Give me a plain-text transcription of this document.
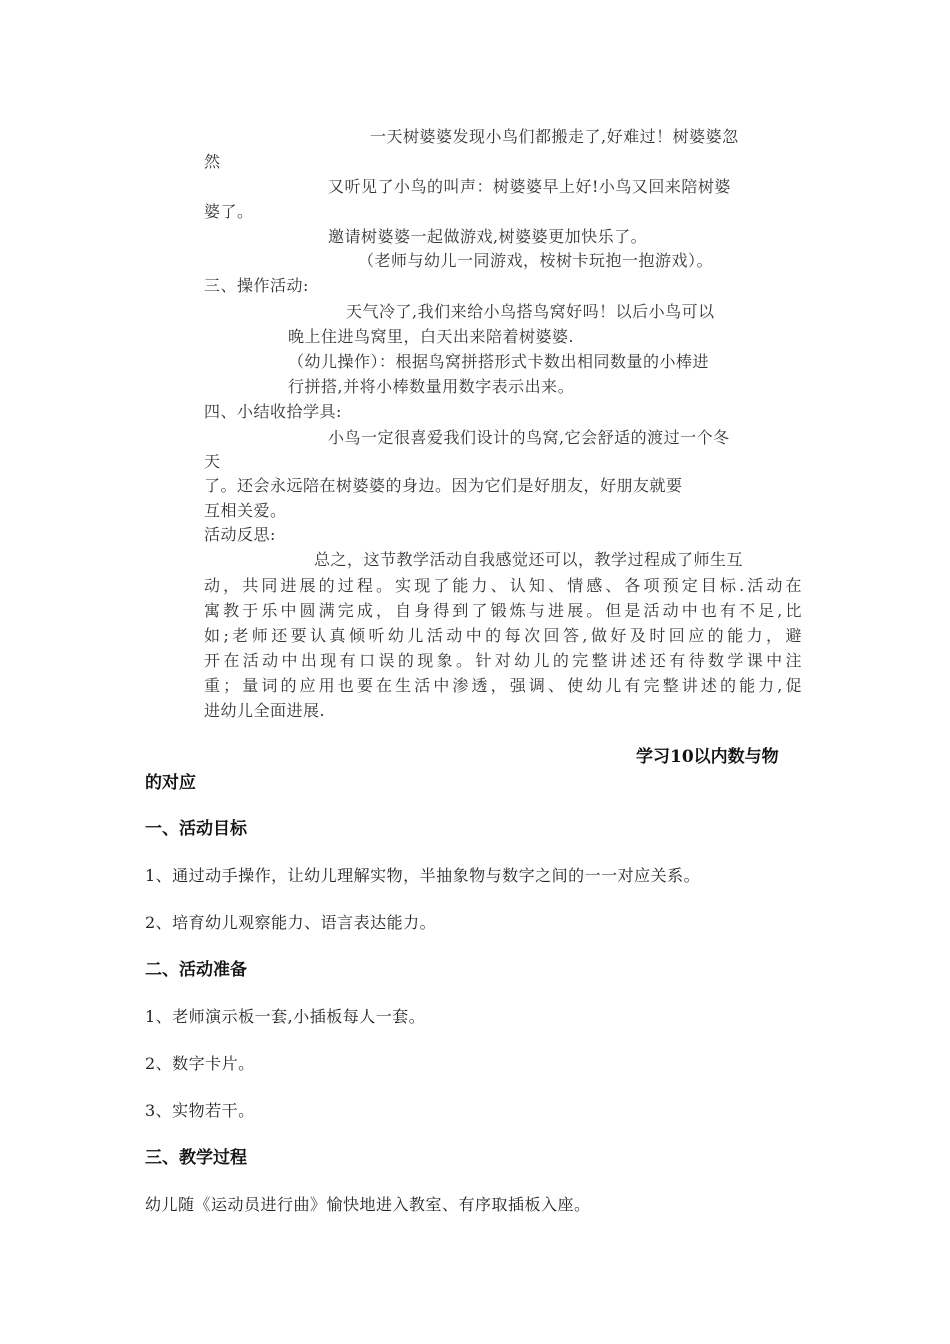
一天树婆婆发现小鸟们都搬走了,好难过！树婆婆忽
然
又听见了小鸟的叫声：树婆婆早上好!小鸟又回来陪树婆
婆了。
邀请树婆婆一起做游戏,树婆婆更加快乐了。
（老师与幼儿一同游戏，桉树卡玩抱一抱游戏）。
三、操作活动:
天气冷了,我们来给小鸟搭鸟窝好吗！以后小鸟可以
晚上住进鸟窝里，白天出来陪着树婆婆.
（幼儿操作）：根据鸟窝拼搭形式卡数出相同数量的小棒进
行拼搭,并将小棒数量用数字表示出来。
四、小结收拾学具:
小鸟一定很喜爱我们设计的鸟窝,它会舒适的渡过一个冬
天
了。还会永远陪在树婆婆的身边。因为它们是好朋友，好朋友就要
互相关爱。
活动反思:
总之，这节教学活动自我感觉还可以，教学过程成了师生互
动，共同进展的过程。实现了能力、认知、情感、各项预定目标.活动在
寓教于乐中圆满完成，自身得到了锻炼与进展。但是活动中也有不足,比
如;老师还要认真倾听幼儿活动中的每次回答,做好及时回应的能力，避
开在活动中出现有口误的现象。针对幼儿的完整讲述还有待数学课中注
重；量词的应用也要在生活中渗透，强调、使幼儿有完整讲述的能力,促
进幼儿全面进展.
学习10以内数与物
的对应
一、活动目标
1、通过动手操作，让幼儿理解实物，半抽象物与数字之间的一一对应关系。
2、培育幼儿观察能力、语言表达能力。
二、活动准备
1、老师演示板一套,小插板每人一套。
2、数字卡片。
3、实物若干。
三、教学过程
幼儿随《运动员进行曲》愉快地进入教室、有序取插板入座。
